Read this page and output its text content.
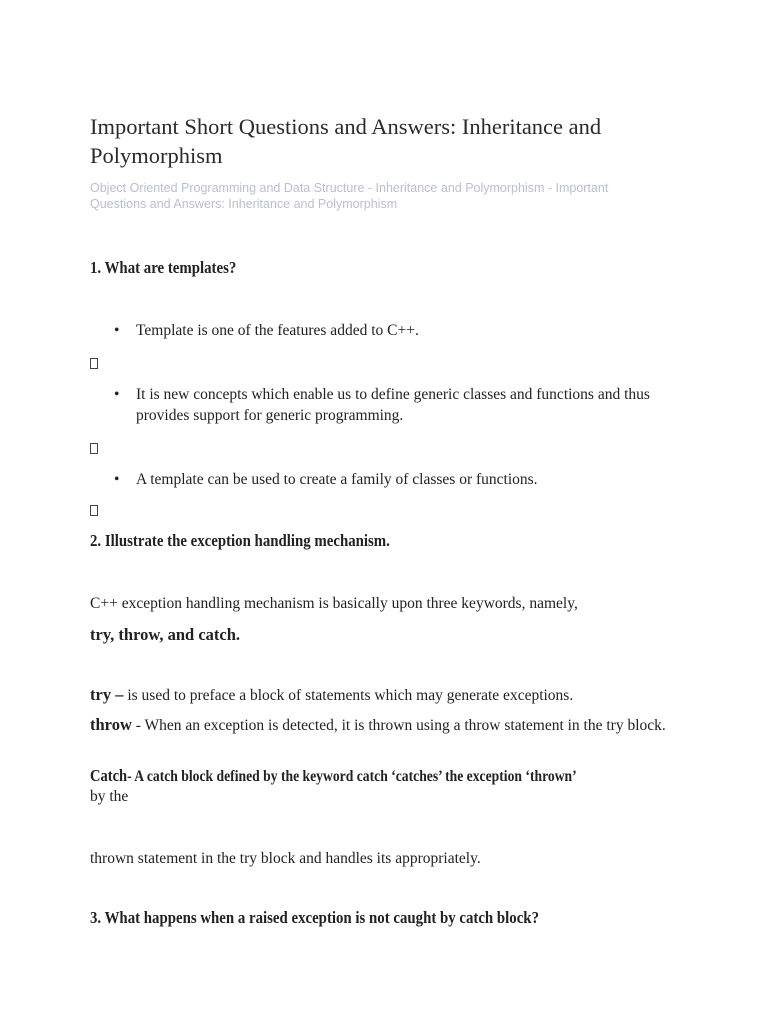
Important Short Questions and Answers: Inheritance and Polymorphism
Object Oriented Programming and Data Structure - Inheritance and Polymorphism - Important Questions and Answers: Inheritance and Polymorphism
1. What are templates?
•	Template is one of the features added to C++.
•	It is new concepts which enable us to define generic classes and functions and thus provides support for generic programming.
•	A template can be used to create a family of classes or functions.
2. Illustrate the exception handling mechanism.
C++ exception handling mechanism is basically upon three keywords, namely,
try, throw, and catch.
try – is used to preface a block of statements which may generate exceptions.
throw - When an exception is detected, it is thrown using a throw statement in the try block.
Catch- A catch block defined by the keyword catch ‘catches’ the exception ‘thrown’
by the
thrown statement in the try block and handles its appropriately.
3. What happens when a raised exception is not caught by catch block?
